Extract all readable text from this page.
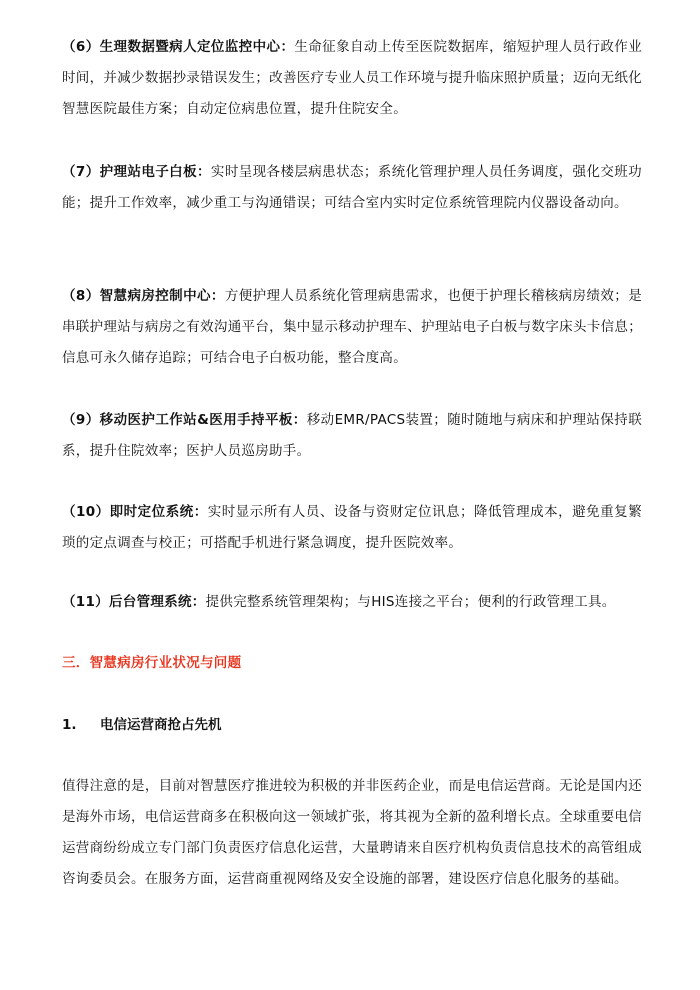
（6）生理数据暨病人定位监控中心：生命征象自动上传至医院数据库，缩短护理人员行政作业时间，并减少数据抄录错误发生；改善医疗专业人员工作环境与提升临床照护质量；迈向无纸化智慧医院最佳方案；自动定位病患位置，提升住院安全。

（7）护理站电子白板：实时呈现各楼层病患状态；系统化管理护理人员任务调度，强化交班功能；提升工作效率，减少重工与沟通错误；可结合室内实时定位系统管理院内仪器设备动向。

（8）智慧病房控制中心：方便护理人员系统化管理病患需求，也便于护理长稽核病房绩效；是串联护理站与病房之有效沟通平台，集中显示移动护理车、护理站电子白板与数字床头卡信息；信息可永久储存追踪；可结合电子白板功能，整合度高。

（9）移动医护工作站&医用手持平板：移动EMR/PACS装置；随时随地与病床和护理站保持联系，提升住院效率；医护人员巡房助手。

（10）即时定位系统：实时显示所有人员、设备与资财定位讯息；降低管理成本，避免重复繁琐的定点调查与校正；可搭配手机进行紧急调度，提升医院效率。

（11）后台管理系统：提供完整系统管理架构；与HIS连接之平台；便利的行政管理工具。

三．智慧病房行业状况与问题
1. 电信运营商抢占先机

值得注意的是，目前对智慧医疗推进较为积极的并非医药企业，而是电信运营商。无论是国内还是海外市场，电信运营商多在积极向这一领域扩张，将其视为全新的盈利增长点。全球重要电信运营商纷纷成立专门部门负责医疗信息化运营，大量聘请来自医疗机构负责信息技术的高管组成咨询委员会。在服务方面，运营商重视网络及安全设施的部署，建设医疗信息化服务的基础。
